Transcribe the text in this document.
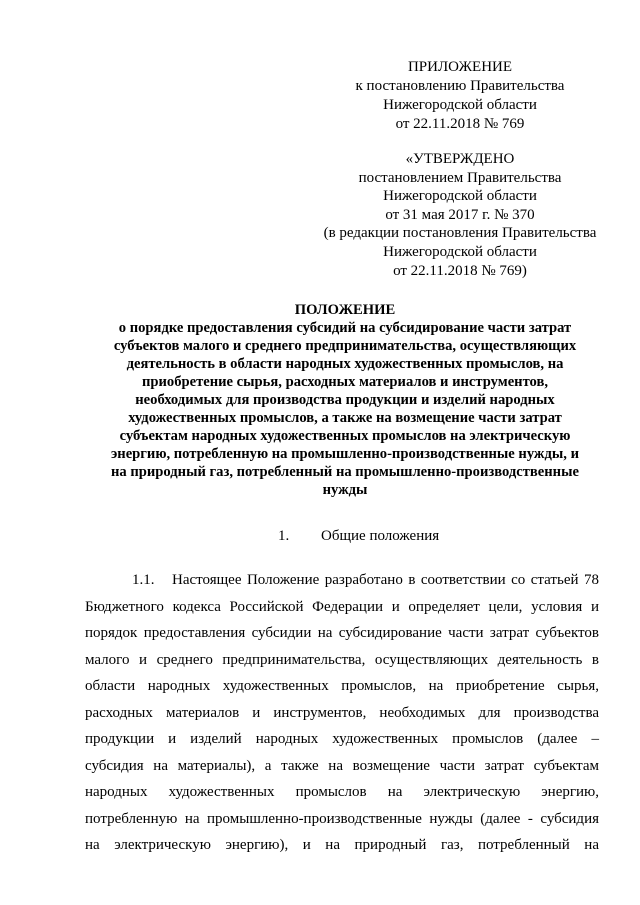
ПРИЛОЖЕНИЕ
к постановлению Правительства
Нижегородской области
от 22.11.2018 № 769
«УТВЕРЖДЕНО
постановлением Правительства
Нижегородской области
от 31 мая 2017 г. № 370
(в редакции постановления Правительства
Нижегородской области
от 22.11.2018 № 769)
ПОЛОЖЕНИЕ
о порядке предоставления субсидий на субсидирование части затрат
субъектов малого и среднего предпринимательства, осуществляющих
деятельность в области народных художественных промыслов, на
приобретение сырья, расходных материалов и инструментов,
необходимых для производства продукции и изделий народных
художественных промыслов, а также на возмещение части затрат
субъектам народных художественных промыслов на электрическую
энергию, потребленную на промышленно-производственные нужды, и
на природный газ, потребленный на промышленно-производственные
нужды
1. Общие положения
1.1. Настоящее Положение разработано в соответствии со статьей 78
Бюджетного кодекса Российской Федерации и определяет цели, условия и
порядок предоставления субсидии на субсидирование части затрат субъектов
малого и среднего предпринимательства, осуществляющих деятельность в
области народных художественных промыслов, на приобретение сырья,
расходных материалов и инструментов, необходимых для производства
продукции и изделий народных художественных промыслов (далее –
субсидия на материалы), а также на возмещение части затрат субъектам
народных художественных промыслов на электрическую энергию,
потребленную на промышленно-производственные нужды (далее - субсидия
на электрическую энергию), и на природный газ, потребленный на
